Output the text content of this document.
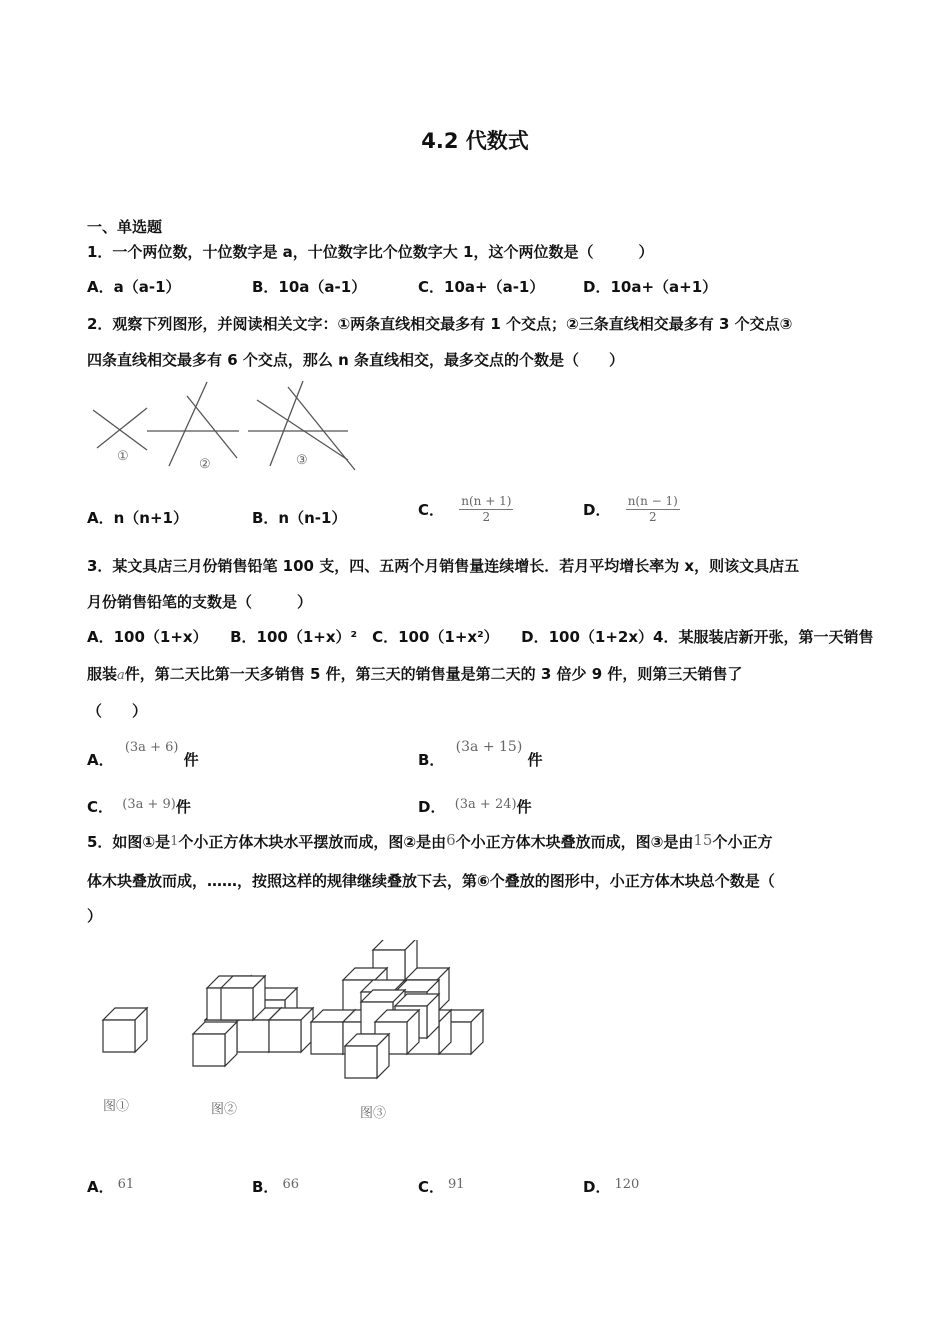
4.2 代数式
一、单选题
1．一个两位数，十位数字是 a，十位数字比个位数字大 1，这个两位数是（　　　）
A．a（a-1）	B．10a（a-1）	C．10a+（a-1）	D．10a+（a+1）
2．观察下列图形，并阅读相关文字：①两条直线相交最多有 1 个交点；②三条直线相交最多有 3 个交点③
四条直线相交最多有 6 个交点，那么 n 条直线相交，最多交点的个数是（　　）
①
②	③
A．n（n+1）	B．n（n-1）	C． $\frac{n(n + 1)}{2}$	D． $\frac{n(n - 1)}{2}$
3．某文具店三月份销售铅笔 100 支，四、五两个月销售量连续增长．若月平均增长率为 x，则该文具店五
月份销售铅笔的支数是（　　　）
A．100（1+x）　　B．100（1+x）²　C．100（1+x²）　　D．100（1+2x）4．某服装店新开张，第一天销售
服装a件，第二天比第一天多销售 5 件，第三天的销售量是第二天的 3 倍少 9 件，则第三天销售了
（　　）
A． (3a + 6) 件	B． (3a + 15) 件
C． (3a + 9)件	D． (3a + 24)件
5．如图①是1个小正方体木块水平摆放而成，图②是由6个小正方体木块叠放而成，图③是由15个小正方
体木块叠放而成，……，按照这样的规律继续叠放下去，第⑥个叠放的图形中，小正方体木块总个数是（
）
图①	图②	图③
A． 61	B． 66	C． 91	D． 120
